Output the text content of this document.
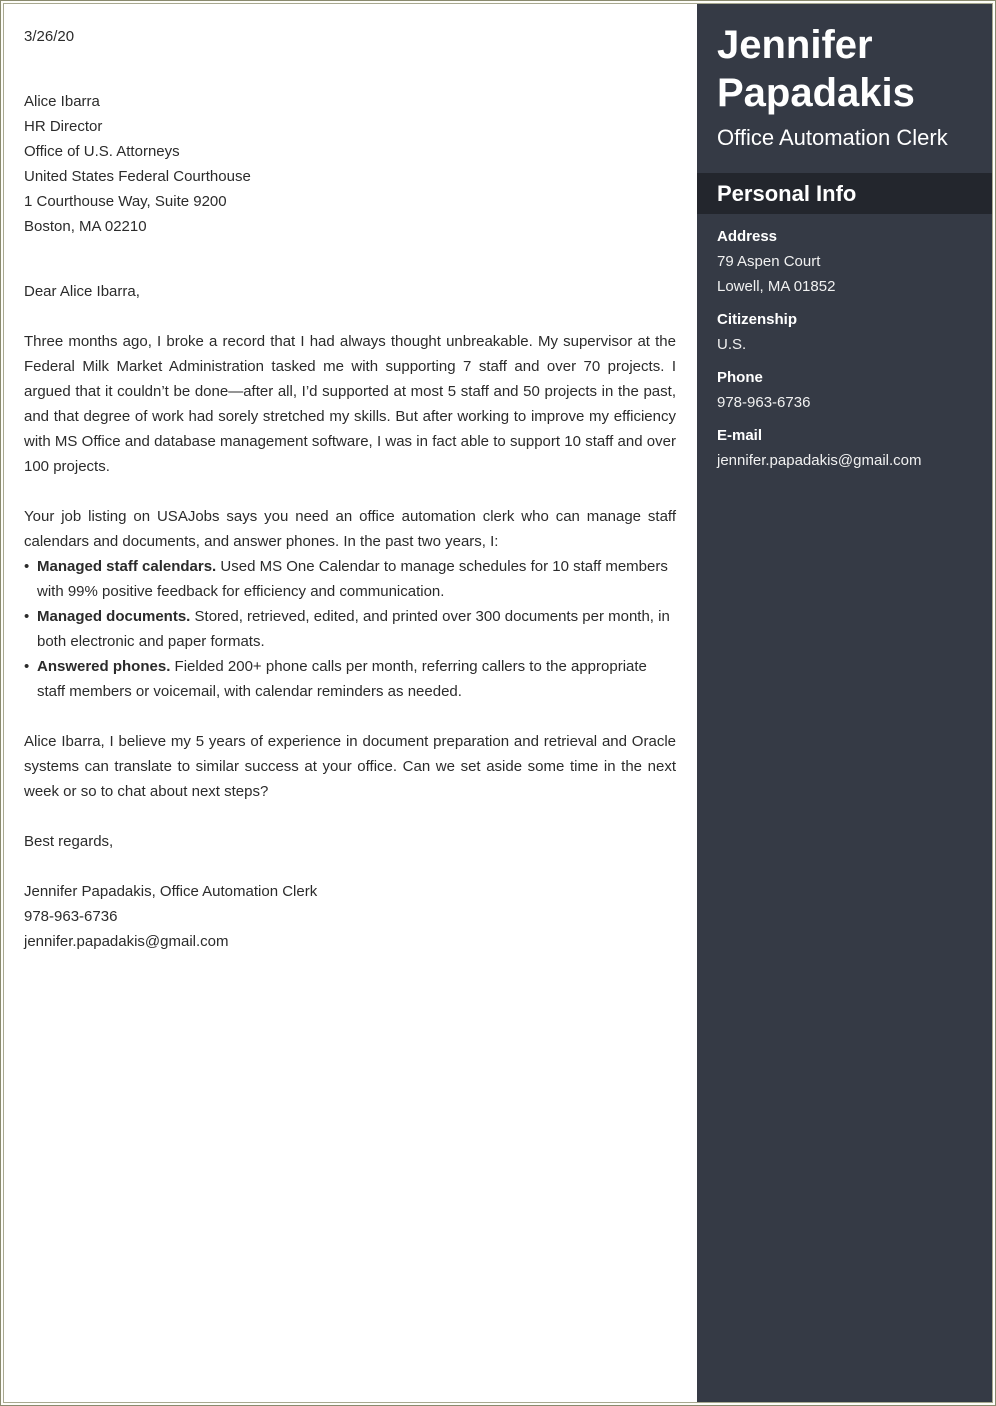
3/26/20

Alice Ibarra
HR Director
Office of U.S. Attorneys
United States Federal Courthouse
1 Courthouse Way, Suite 9200
Boston, MA 02210

Dear Alice Ibarra,

Three months ago, I broke a record that I had always thought unbreakable. My supervisor at the Federal Milk Market Administration tasked me with supporting 7 staff and over 70 projects. I argued that it couldn’t be done—after all, I’d supported at most 5 staff and 50 projects in the past, and that degree of work had sorely stretched my skills. But after working to improve my efficiency with MS Office and database management software, I was in fact able to support 10 staff and over 100 projects.

Your job listing on USAJobs says you need an office automation clerk who can manage staff calendars and documents, and answer phones. In the past two years, I:

• Managed staff calendars. Used MS One Calendar to manage schedules for 10 staff members with 99% positive feedback for efficiency and communication.
• Managed documents. Stored, retrieved, edited, and printed over 300 documents per month, in both electronic and paper formats.
• Answered phones. Fielded 200+ phone calls per month, referring callers to the appropriate staff members or voicemail, with calendar reminders as needed.

Alice Ibarra, I believe my 5 years of experience in document preparation and retrieval and Oracle systems can translate to similar success at your office. Can we set aside some time in the next week or so to chat about next steps?

Best regards,

Jennifer Papadakis, Office Automation Clerk
978-963-6736
jennifer.papadakis@gmail.com
Jennifer
Papadakis
Office Automation Clerk
Personal Info
Address
79 Aspen Court
Lowell, MA 01852
Citizenship
U.S.
Phone
978-963-6736
E-mail
jennifer.papadakis@gmail.com
